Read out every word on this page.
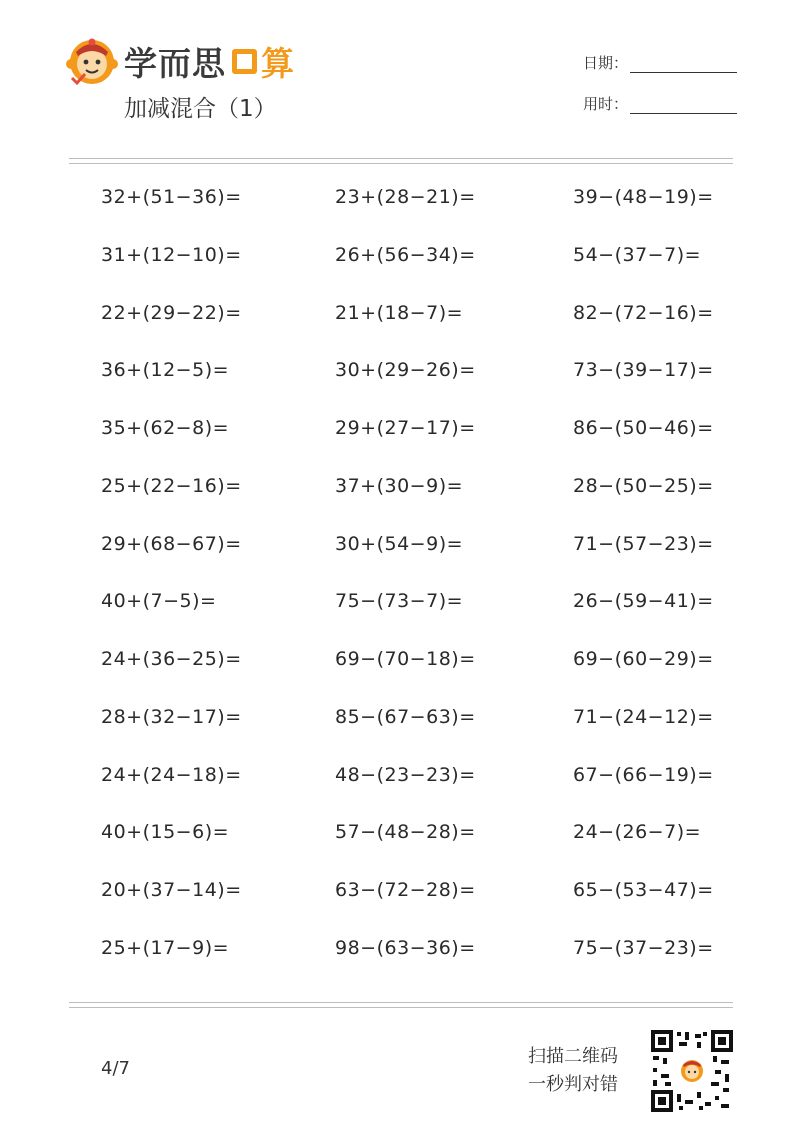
学而思 算
加减混合（1）
日期：
用时：
32+(51−36)=	23+(28−21)=	39−(48−19)=
31+(12−10)=	26+(56−34)=	54−(37−7)=
22+(29−22)=	21+(18−7)=	82−(72−16)=
36+(12−5)=	30+(29−26)=	73−(39−17)=
35+(62−8)=	29+(27−17)=	86−(50−46)=
25+(22−16)=	37+(30−9)=	28−(50−25)=
29+(68−67)=	30+(54−9)=	71−(57−23)=
40+(7−5)=	75−(73−7)=	26−(59−41)=
24+(36−25)=	69−(70−18)=	69−(60−29)=
28+(32−17)=	85−(67−63)=	71−(24−12)=
24+(24−18)=	48−(23−23)=	67−(66−19)=
40+(15−6)=	57−(48−28)=	24−(26−7)=
20+(37−14)=	63−(72−28)=	65−(53−47)=
25+(17−9)=	98−(63−36)=	75−(37−23)=
4/7
扫描二维码
一秒判对错
